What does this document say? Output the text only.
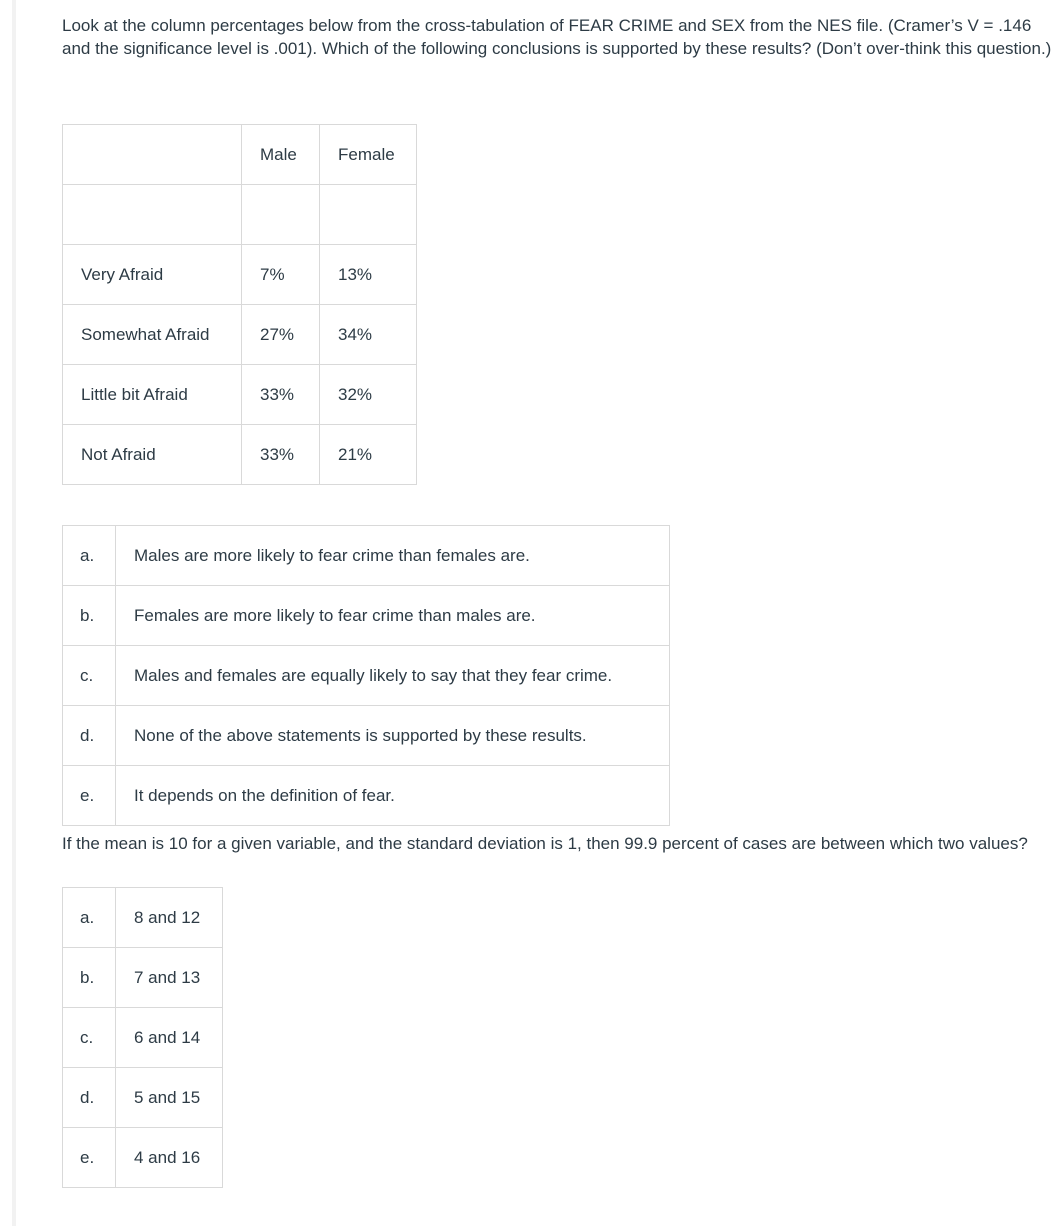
Look at the column percentages below from the cross-tabulation of FEAR CRIME and SEX from the NES file. (Cramer’s V = .146 and the significance level is .001). Which of the following conclusions is supported by these results? (Don’t over-think this question.)
	Male	Female

Very Afraid	7%	13%
Somewhat Afraid	27%	34%
Little bit Afraid	33%	32%
Not Afraid	33%	21%
a.	Males are more likely to fear crime than females are.
b.	Females are more likely to fear crime than males are.
c.	Males and females are equally likely to say that they fear crime.
d.	None of the above statements is supported by these results.
e.	It depends on the definition of fear.
If the mean is 10 for a given variable, and the standard deviation is 1, then 99.9 percent of cases are between which two values?
a.	8 and 12
b.	7 and 13
c.	6 and 14
d.	5 and 15
e.	4 and 16
